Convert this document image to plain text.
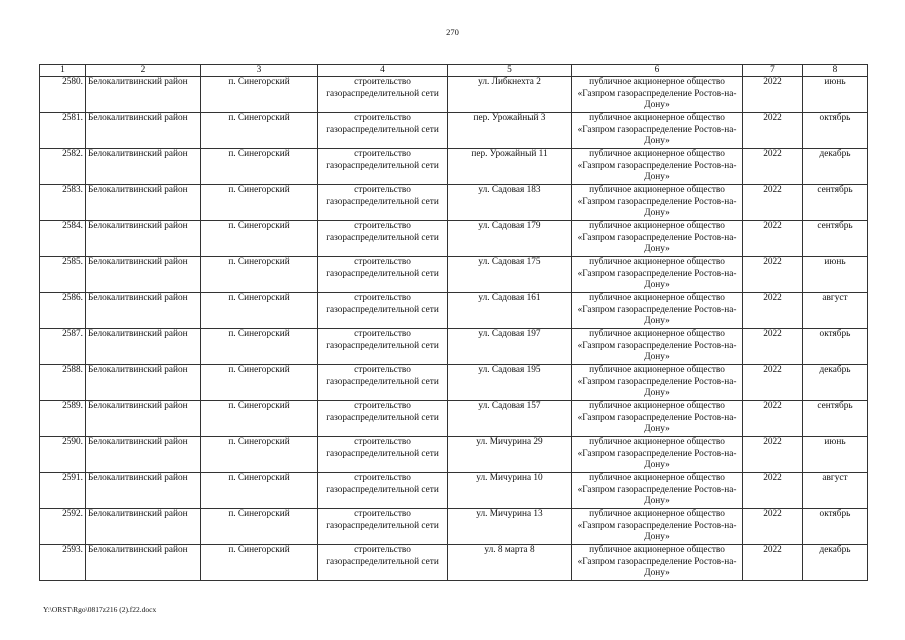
270
1	2	3	4	5	6	7	8
2580.	Белокалитвинский район	п. Синегорский	строительство газораспределительной сети	ул. Либкнехта 2	публичное акционерное общество «Газпром газораспределение Ростов-на-Дону»	2022	июнь
2581.	Белокалитвинский район	п. Синегорский	строительство газораспределительной сети	пер. Урожайный 3	публичное акционерное общество «Газпром газораспределение Ростов-на-Дону»	2022	октябрь
2582.	Белокалитвинский район	п. Синегорский	строительство газораспределительной сети	пер. Урожайный 11	публичное акционерное общество «Газпром газораспределение Ростов-на-Дону»	2022	декабрь
2583.	Белокалитвинский район	п. Синегорский	строительство газораспределительной сети	ул. Садовая 183	публичное акционерное общество «Газпром газораспределение Ростов-на-Дону»	2022	сентябрь
2584.	Белокалитвинский район	п. Синегорский	строительство газораспределительной сети	ул. Садовая 179	публичное акционерное общество «Газпром газораспределение Ростов-на-Дону»	2022	сентябрь
2585.	Белокалитвинский район	п. Синегорский	строительство газораспределительной сети	ул. Садовая 175	публичное акционерное общество «Газпром газораспределение Ростов-на-Дону»	2022	июнь
2586.	Белокалитвинский район	п. Синегорский	строительство газораспределительной сети	ул. Садовая 161	публичное акционерное общество «Газпром газораспределение Ростов-на-Дону»	2022	август
2587.	Белокалитвинский район	п. Синегорский	строительство газораспределительной сети	ул. Садовая 197	публичное акционерное общество «Газпром газораспределение Ростов-на-Дону»	2022	октябрь
2588.	Белокалитвинский район	п. Синегорский	строительство газораспределительной сети	ул. Садовая 195	публичное акционерное общество «Газпром газораспределение Ростов-на-Дону»	2022	декабрь
2589.	Белокалитвинский район	п. Синегорский	строительство газораспределительной сети	ул. Садовая 157	публичное акционерное общество «Газпром газораспределение Ростов-на-Дону»	2022	сентябрь
2590.	Белокалитвинский район	п. Синегорский	строительство газораспределительной сети	ул. Мичурина 29	публичное акционерное общество «Газпром газораспределение Ростов-на-Дону»	2022	июнь
2591.	Белокалитвинский район	п. Синегорский	строительство газораспределительной сети	ул. Мичурина 10	публичное акционерное общество «Газпром газораспределение Ростов-на-Дону»	2022	август
2592.	Белокалитвинский район	п. Синегорский	строительство газораспределительной сети	ул. Мичурина 13	публичное акционерное общество «Газпром газораспределение Ростов-на-Дону»	2022	октябрь
2593.	Белокалитвинский район	п. Синегорский	строительство газораспределительной сети	ул. 8 марта 8	публичное акционерное общество «Газпром газораспределение Ростов-на-Дону»	2022	декабрь
Y:\ORST\Rgo\0817z216 (2).f22.docx
